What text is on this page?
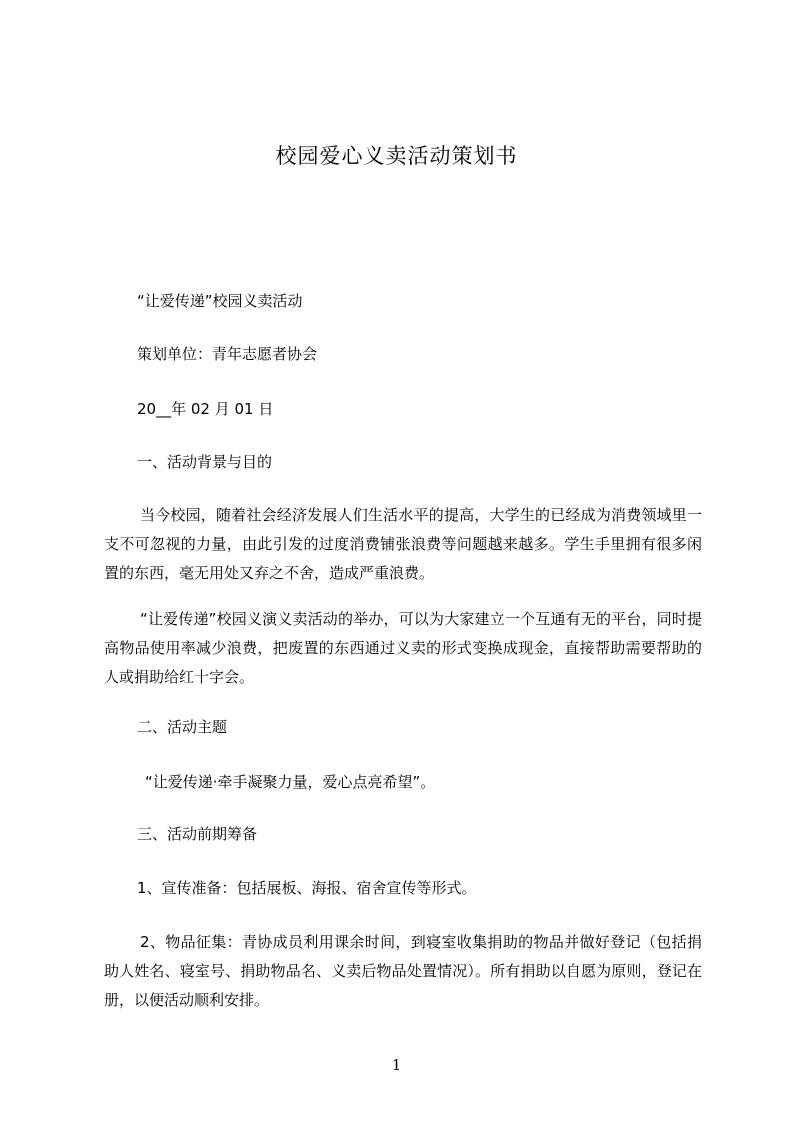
校园爱心义卖活动策划书
“让爱传递”校园义卖活动
策划单位：青年志愿者协会
20__年 02 月 01 日
一、活动背景与目的
当今校园，随着社会经济发展人们生活水平的提高，大学生的已经成为消费领域里一支不可忽视的力量，由此引发的过度消费铺张浪费等问题越来越多。学生手里拥有很多闲置的东西，毫无用处又弃之不舍，造成严重浪费。
“让爱传递”校园义演义卖活动的举办，可以为大家建立一个互通有无的平台，同时提高物品使用率减少浪费，把废置的东西通过义卖的形式变换成现金，直接帮助需要帮助的人或捐助给红十字会。
二、活动主题
“让爱传递·牵手凝聚力量，爱心点亮希望”。
三、活动前期筹备
1、宣传准备：包括展板、海报、宿舍宣传等形式。
2、物品征集：青协成员利用课余时间，到寝室收集捐助的物品并做好登记（包括捐助人姓名、寝室号、捐助物品名、义卖后物品处置情况）。所有捐助以自愿为原则，登记在册，以便活动顺利安排。
1
